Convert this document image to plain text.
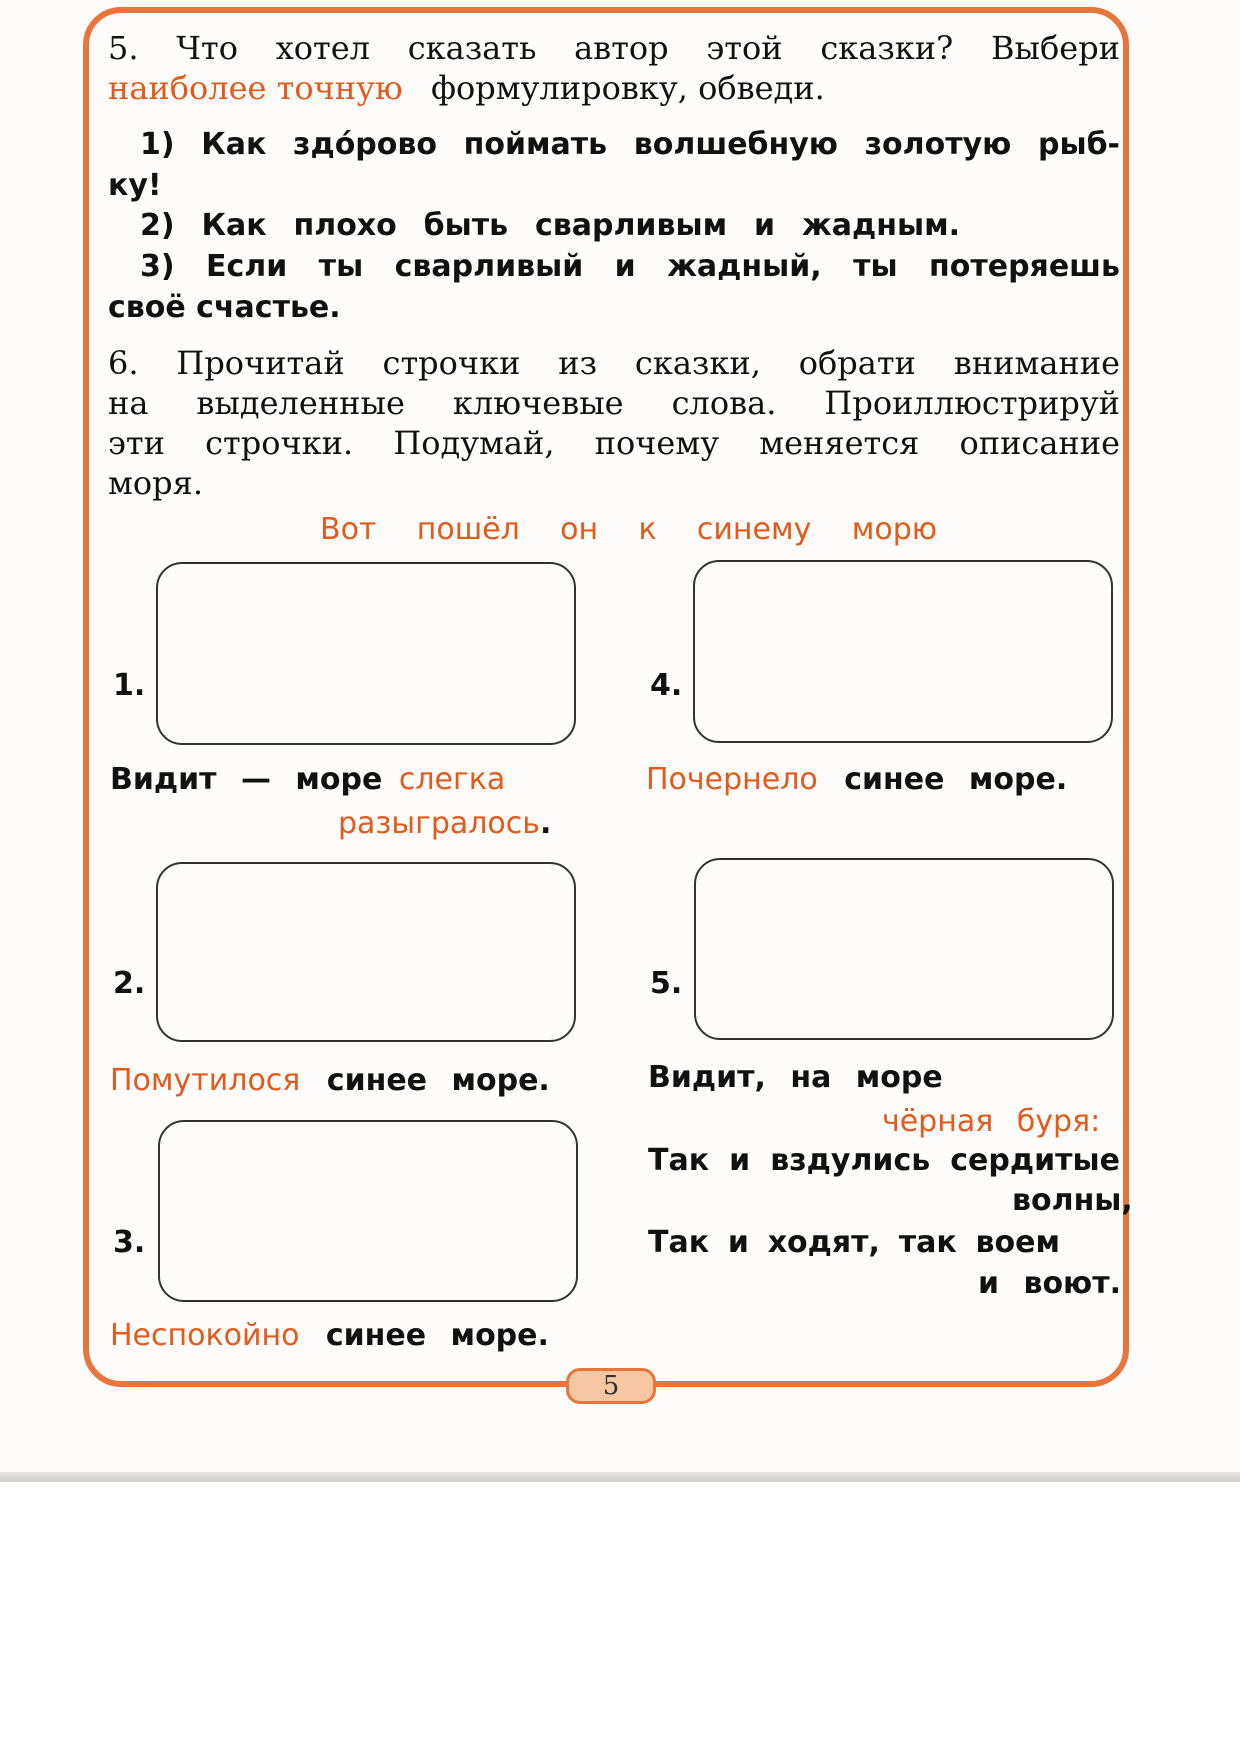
5. Что хотел сказать автор этой сказки? Выбери
наиболее точную формулировку, обведи.
1) Как здо́рово поймать волшебную золотую рыб-
ку!
2) Как плохо быть сварливым и жадным.
3) Если ты сварливый и жадный, ты потеряешь
своё счастье.
6. Прочитай строчки из сказки, обрати внимание
на выделенные ключевые слова. Проиллюстрируй
эти строчки. Подумай, почему меняется описание
моря.
Вот пошёл он к синему морю
1.
Видит — море слегка
разыгралось.
2.
Помутилося синее море.
3.
Неспокойно синее море.
4.
Почернело синее море.
5.
Видит, на море
чёрная буря:
Так и вздулись сердитые
волны,
Так и ходят, так воем
и воют.
5
